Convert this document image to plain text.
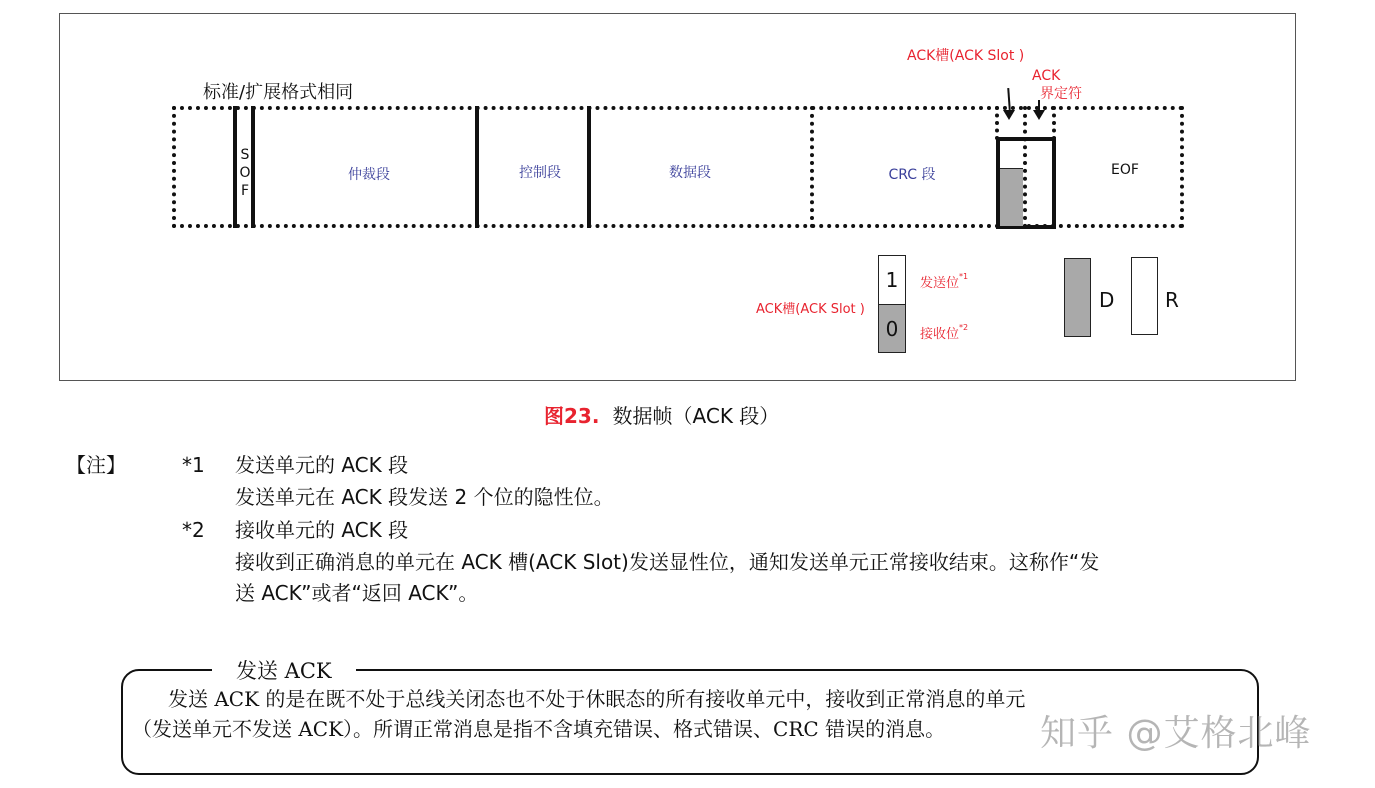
标准/扩展格式相同
S
O
F
仲裁段	控制段	数据段	CRC 段	EOF
ACK槽(ACK Slot )
ACK
界定符
ACK槽(ACK Slot )
1
0
发送位$^{*1}$
接收位$^{*2}$
D	R
图23. 数据帧（ACK 段）
【注】	*1 发送单元的 ACK 段
发送单元在 ACK 段发送 2 个位的隐性位。
*2 接收单元的 ACK 段
接收到正确消息的单元在 ACK 槽(ACK Slot)发送显性位，通知发送单元正常接收结束。这称作“发
送 ACK”或者“返回 ACK”。
发送 ACK
发送 ACK 的是在既不处于总线关闭态也不处于休眠态的所有接收单元中，接收到正常消息的单元
（发送单元不发送 ACK）。所谓正常消息是指不含填充错误、格式错误、CRC 错误的消息。	知乎 @艾格北峰
